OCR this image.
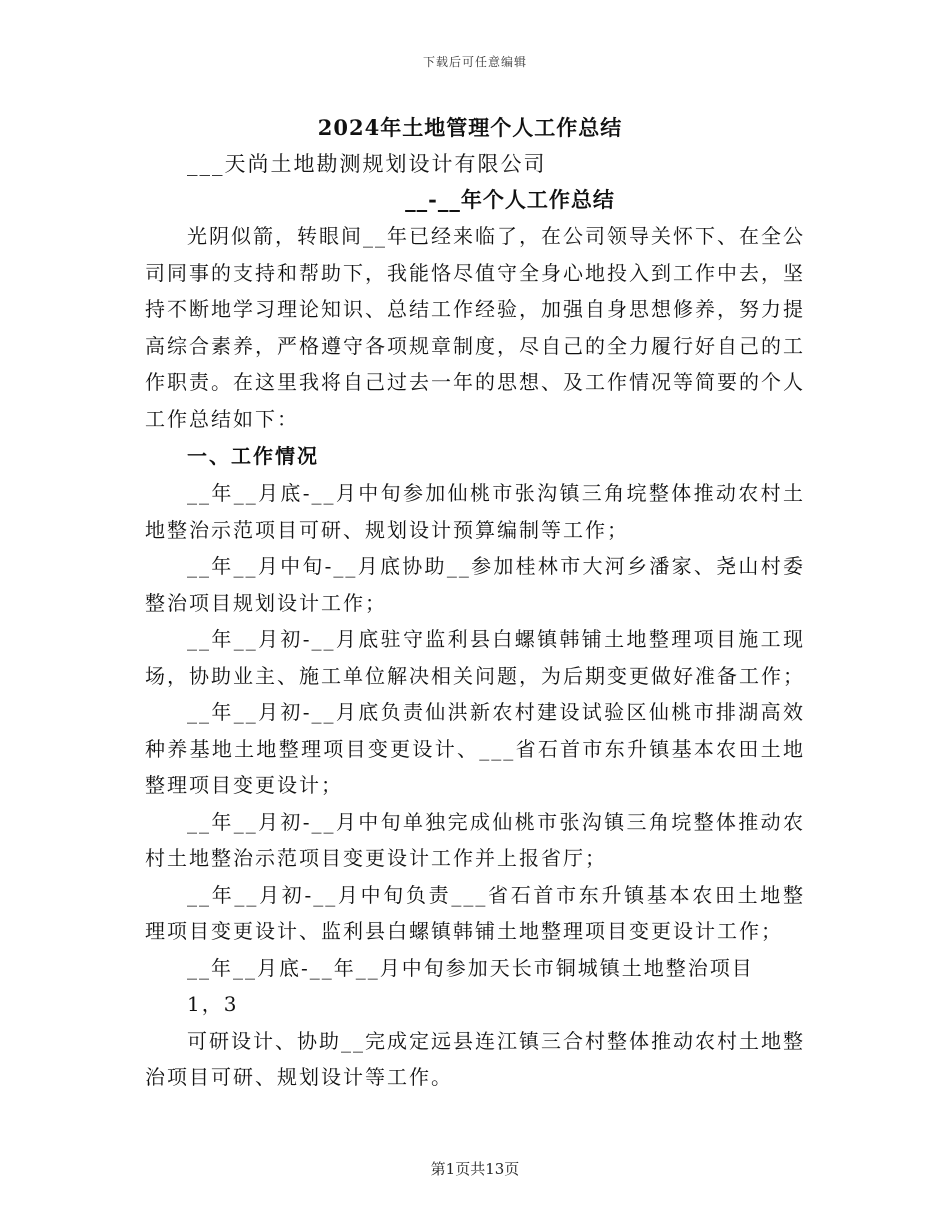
下载后可任意编辑
2024年土地管理个人工作总结
___天尚土地勘测规划设计有限公司
__-__年个人工作总结

光阴似箭，转眼间__年已经来临了，在公司领导关怀下、在全公司同事的支持和帮助下，我能恪尽值守全身心地投入到工作中去，坚持不断地学习理论知识、总结工作经验，加强自身思想修养，努力提高综合素养，严格遵守各项规章制度，尽自己的全力履行好自己的工作职责。在这里我将自己过去一年的思想、及工作情况等简要的个人工作总结如下：

一、工作情况

__年__月底-__月中旬参加仙桃市张沟镇三角垸整体推动农村土地整治示范项目可研、规划设计预算编制等工作；

__年__月中旬-__月底协助__参加桂林市大河乡潘家、尧山村委整治项目规划设计工作；

__年__月初-__月底驻守监利县白螺镇韩铺土地整理项目施工现场，协助业主、施工单位解决相关问题，为后期变更做好准备工作；

__年__月初-__月底负责仙洪新农村建设试验区仙桃市排湖高效种养基地土地整理项目变更设计、___省石首市东升镇基本农田土地整理项目变更设计；

__年__月初-__月中旬单独完成仙桃市张沟镇三角垸整体推动农村土地整治示范项目变更设计工作并上报省厅；

__年__月初-__月中旬负责___省石首市东升镇基本农田土地整理项目变更设计、监利县白螺镇韩铺土地整理项目变更设计工作；

__年__月底-__年__月中旬参加天长市铜城镇土地整治项目

1，3

可研设计、协助__完成定远县连江镇三合村整体推动农村土地整治项目可研、规划设计等工作。

第1页共13页
